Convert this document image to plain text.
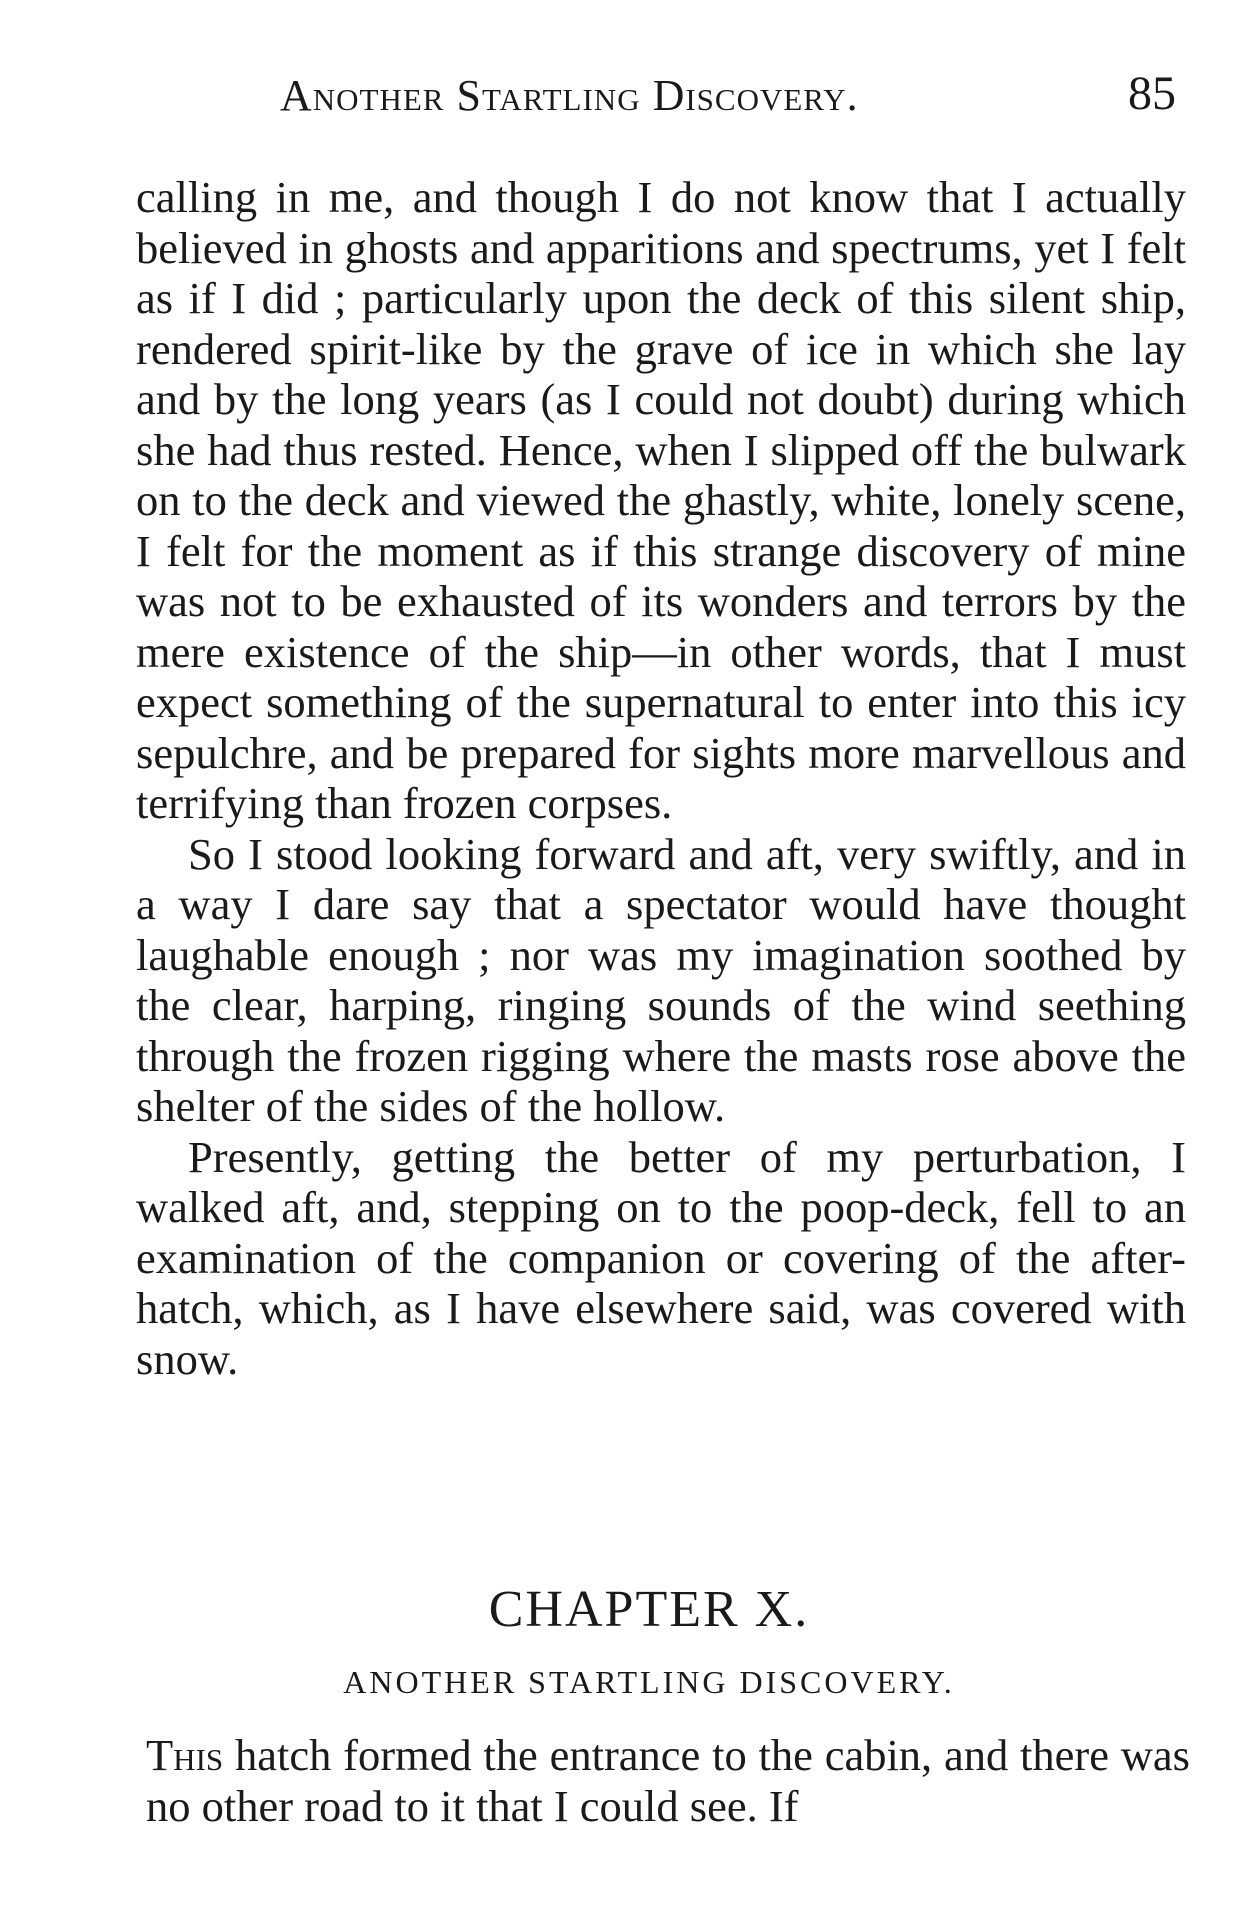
Another Startling Discovery.	85

calling in me, and though I do not know that I actually believed in ghosts and apparitions and spectrums, yet I felt as if I did ; particularly upon the deck of this silent ship, rendered spirit-like by the grave of ice in which she lay and by the long years (as I could not doubt) during which she had thus rested. Hence, when I slipped off the bulwark on to the deck and viewed the ghastly, white, lonely scene, I felt for the moment as if this strange discovery of mine was not to be exhausted of its wonders and terrors by the mere existence of the ship—in other words, that I must expect something of the supernatural to enter into this icy sepulchre, and be prepared for sights more marvellous and terrifying than frozen corpses.

So I stood looking forward and aft, very swiftly, and in a way I dare say that a spectator would have thought laughable enough ; nor was my imagination soothed by the clear, harping, ringing sounds of the wind seething through the frozen rigging where the masts rose above the shelter of the sides of the hollow.

Presently, getting the better of my perturbation, I walked aft, and, stepping on to the poop-deck, fell to an examination of the companion or covering of the after-hatch, which, as I have elsewhere said, was covered with snow.

CHAPTER X.
ANOTHER STARTLING DISCOVERY.

This hatch formed the entrance to the cabin, and there was no other road to it that I could see. If
